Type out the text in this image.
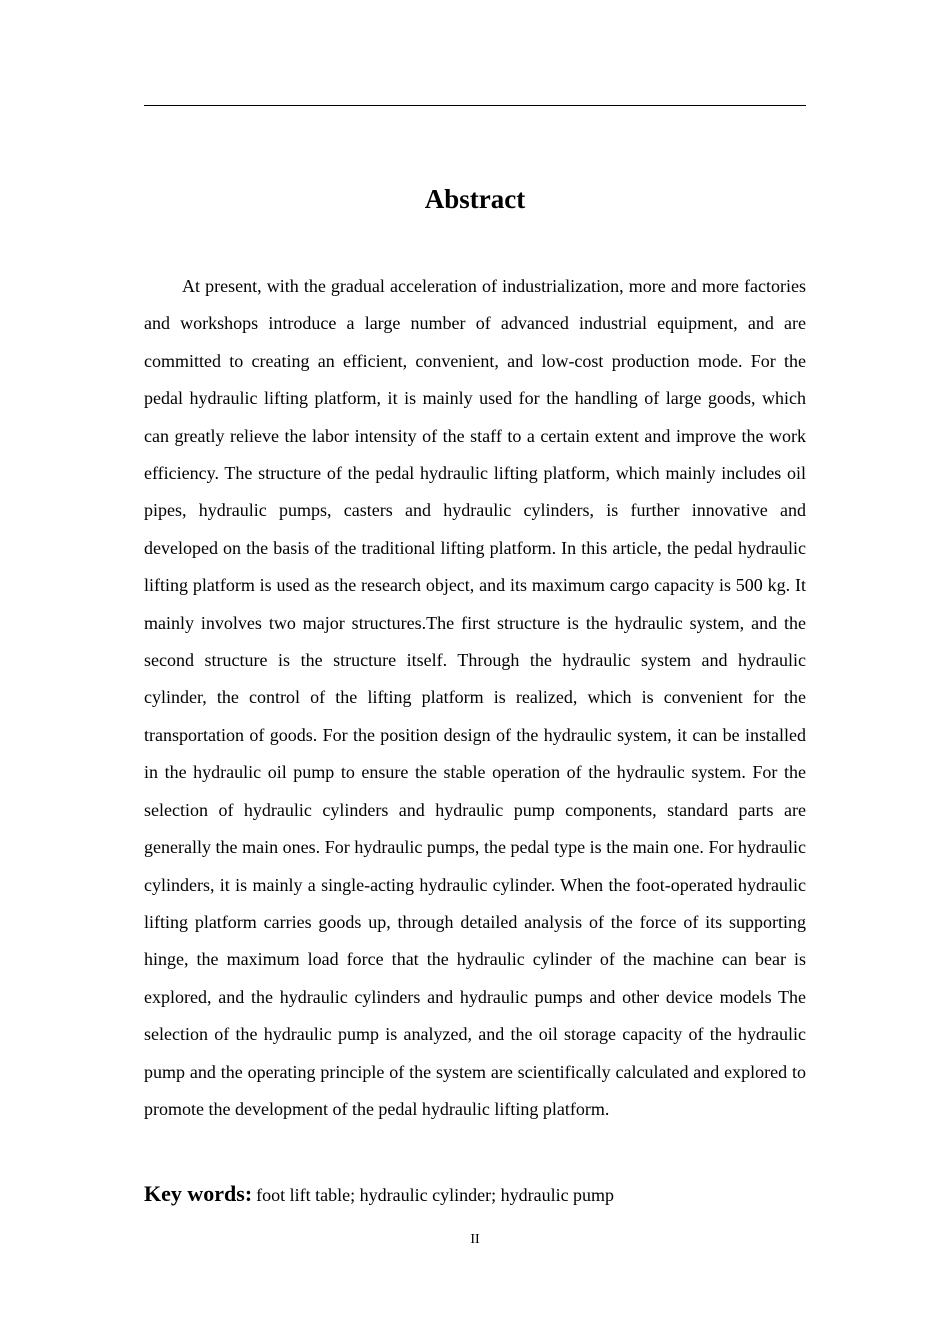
Abstract

At present, with the gradual acceleration of industrialization, more and more factories and workshops introduce a large number of advanced industrial equipment, and are committed to creating an efficient, convenient, and low-cost production mode. For the pedal hydraulic lifting platform, it is mainly used for the handling of large goods, which can greatly relieve the labor intensity of the staff to a certain extent and improve the work efficiency. The structure of the pedal hydraulic lifting platform, which mainly includes oil pipes, hydraulic pumps, casters and hydraulic cylinders, is further innovative and developed on the basis of the traditional lifting platform. In this article, the pedal hydraulic lifting platform is used as the research object, and its maximum cargo capacity is 500 kg. It mainly involves two major structures.The first structure is the hydraulic system, and the second structure is the structure itself. Through the hydraulic system and hydraulic cylinder, the control of the lifting platform is realized, which is convenient for the transportation of goods. For the position design of the hydraulic system, it can be installed in the hydraulic oil pump to ensure the stable operation of the hydraulic system. For the selection of hydraulic cylinders and hydraulic pump components, standard parts are generally the main ones. For hydraulic pumps, the pedal type is the main one. For hydraulic cylinders, it is mainly a single-acting hydraulic cylinder. When the foot-operated hydraulic lifting platform carries goods up, through detailed analysis of the force of its supporting hinge, the maximum load force that the hydraulic cylinder of the machine can bear is explored, and the hydraulic cylinders and hydraulic pumps and other device models The selection of the hydraulic pump is analyzed, and the oil storage capacity of the hydraulic pump and the operating principle of the system are scientifically calculated and explored to promote the development of the pedal hydraulic lifting platform.

Key words: foot lift table; hydraulic cylinder; hydraulic pump
II
